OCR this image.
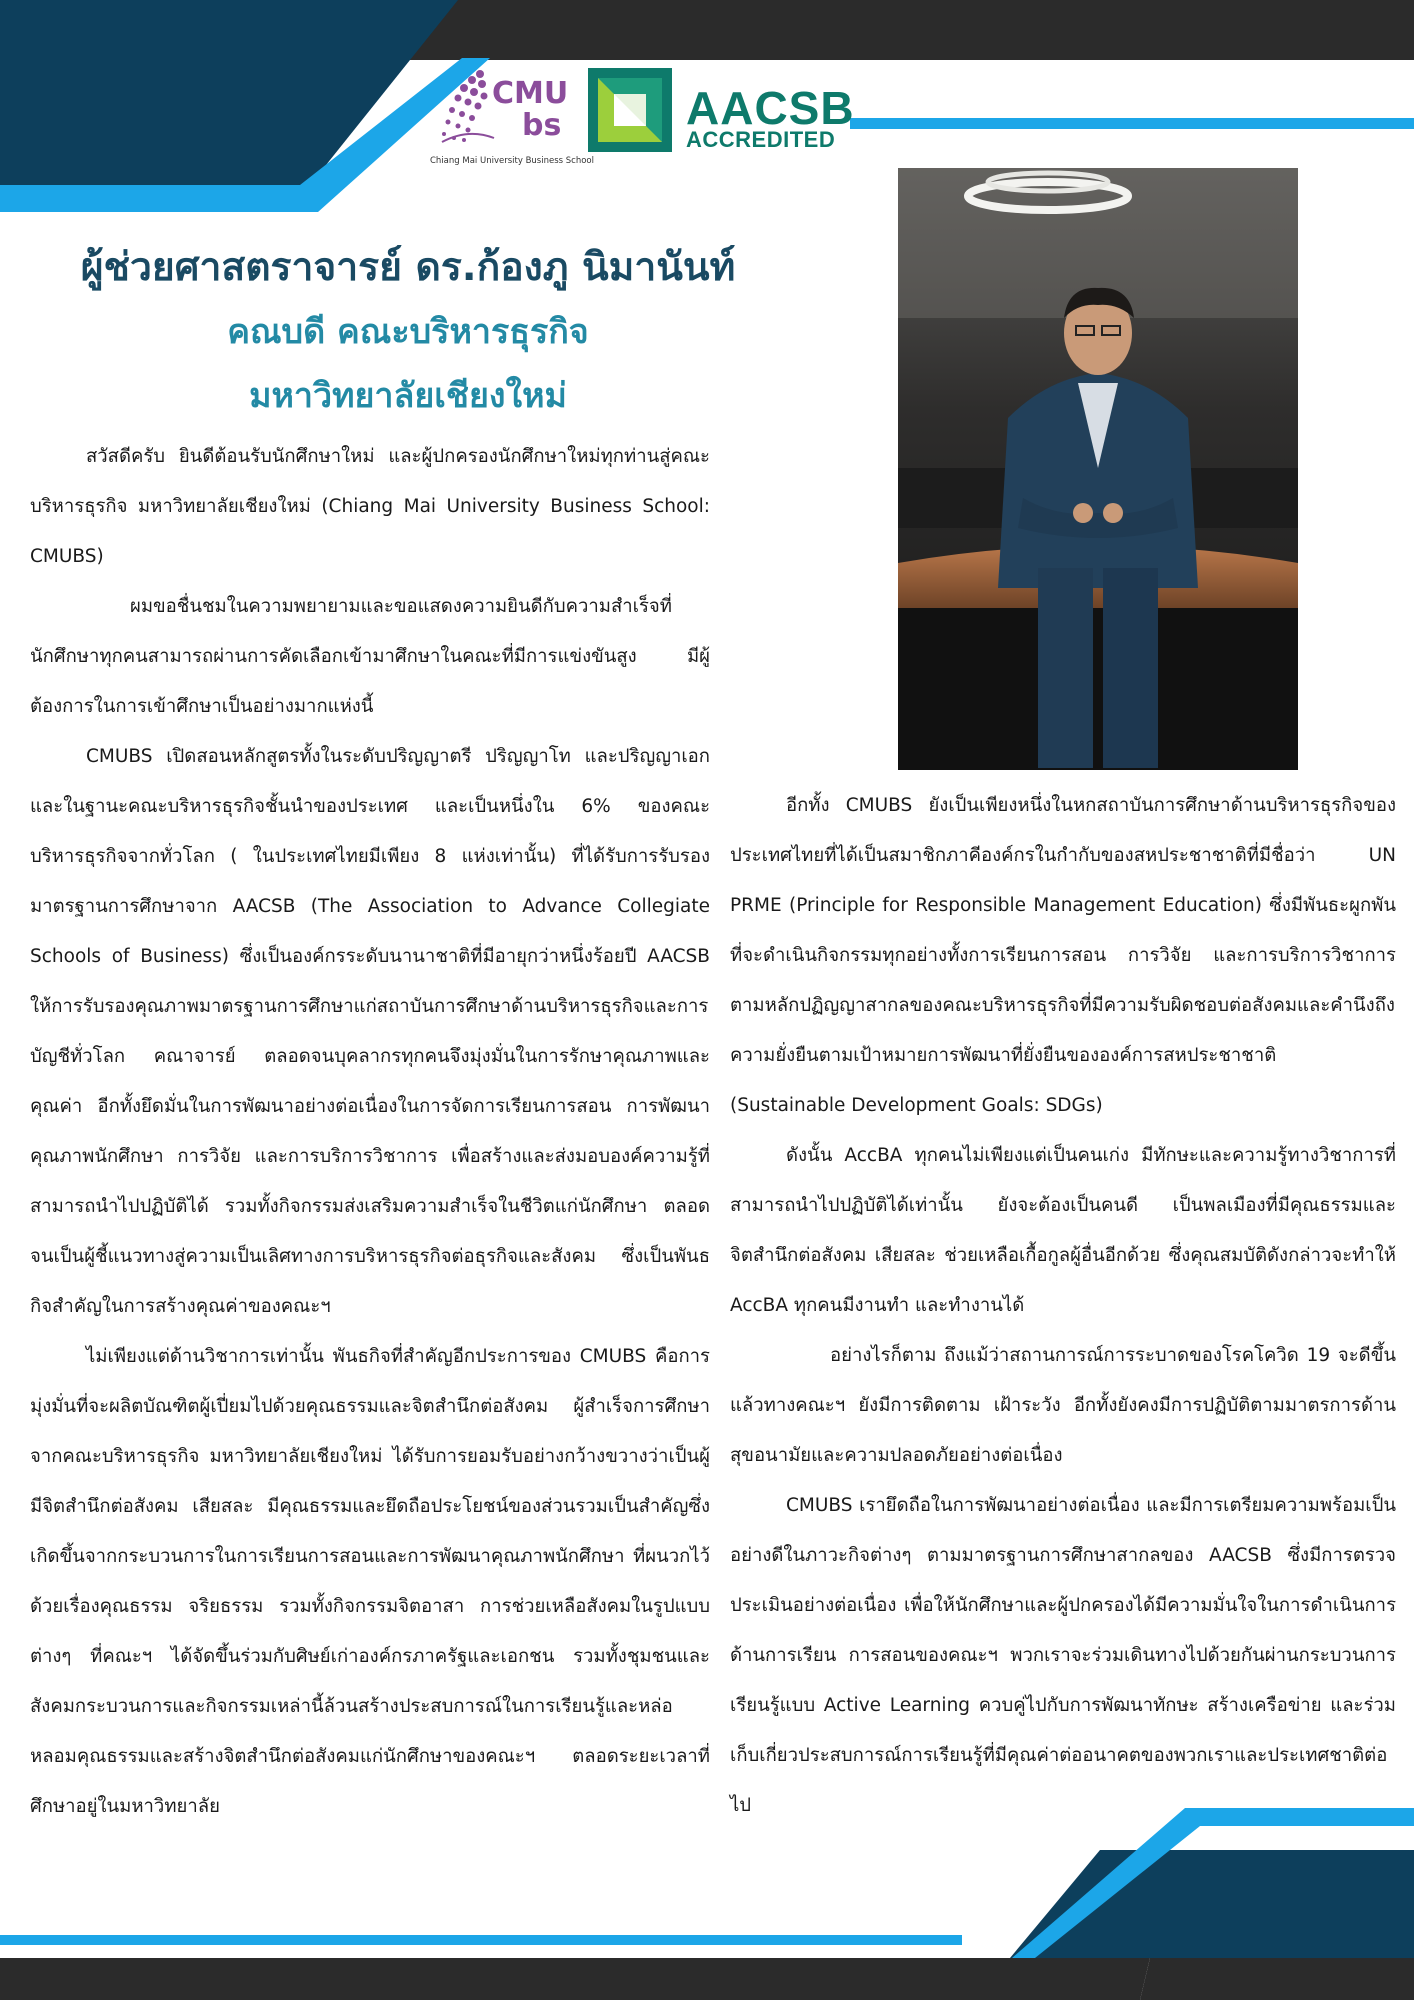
CMU
bs
Chiang Mai University Business School
AACSB
ACCREDITED
ผู้ช่วยศาสตราจารย์ ดร.ก้องภู นิมานันท์
คณบดี คณะบริหารธุรกิจ
มหาวิทยาลัยเชียงใหม่

สวัสดีครับ ยินดีต้อนรับนักศึกษาใหม่ และผู้ปกครองนักศึกษาใหม่ทุกท่านสู่คณะบริหารธุรกิจ มหาวิทยาลัยเชียงใหม่ (Chiang Mai University Business School: CMUBS)

ผมขอชื่นชมในความพยายามและขอแสดงความยินดีกับความสำเร็จที่นักศึกษาทุกคนสามารถผ่านการคัดเลือกเข้ามาศึกษาในคณะที่มีการแข่งขันสูง มีผู้ต้องการในการเข้าศึกษาเป็นอย่างมากแห่งนี้

CMUBS เปิดสอนหลักสูตรทั้งในระดับปริญญาตรี ปริญญาโท และปริญญาเอกและในฐานะคณะบริหารธุรกิจชั้นนำของประเทศ และเป็นหนึ่งใน 6% ของคณะบริหารธุรกิจจากทั่วโลก ( ในประเทศไทยมีเพียง 8 แห่งเท่านั้น) ที่ได้รับการรับรองมาตรฐานการศึกษาจาก AACSB (The Association to Advance Collegiate Schools of Business) ซึ่งเป็นองค์กรระดับนานาชาติที่มีอายุกว่าหนึ่งร้อยปี AACSB ให้การรับรองคุณภาพมาตรฐานการศึกษาแก่สถาบันการศึกษาด้านบริหารธุรกิจและการบัญชีทั่วโลก คณาจารย์ ตลอดจนบุคลากรทุกคนจึงมุ่งมั่นในการรักษาคุณภาพและคุณค่า อีกทั้งยึดมั่นในการพัฒนาอย่างต่อเนื่องในการจัดการเรียนการสอน การพัฒนาคุณภาพนักศึกษา การวิจัย และการบริการวิชาการ เพื่อสร้างและส่งมอบองค์ความรู้ที่สามารถนำไปปฏิบัติได้ รวมทั้งกิจกรรมส่งเสริมความสำเร็จในชีวิตแก่นักศึกษา ตลอดจนเป็นผู้ชี้แนวทางสู่ความเป็นเลิศทางการบริหารธุรกิจต่อธุรกิจและสังคม ซึ่งเป็นพันธกิจสำคัญในการสร้างคุณค่าของคณะฯ

ไม่เพียงแต่ด้านวิชาการเท่านั้น พันธกิจที่สำคัญอีกประการของ CMUBS คือการมุ่งมั่นที่จะผลิตบัณฑิตผู้เปี่ยมไปด้วยคุณธรรมและจิตสำนึกต่อสังคม ผู้สำเร็จการศึกษาจากคณะบริหารธุรกิจ มหาวิทยาลัยเชียงใหม่ ได้รับการยอมรับอย่างกว้างขวางว่าเป็นผู้มีจิตสำนึกต่อสังคม เสียสละ มีคุณธรรมและยึดถือประโยชน์ของส่วนรวมเป็นสำคัญซึ่งเกิดขึ้นจากกระบวนการในการเรียนการสอนและการพัฒนาคุณภาพนักศึกษา ที่ผนวกไว้ด้วยเรื่องคุณธรรม จริยธรรม รวมทั้งกิจกรรมจิตอาสา การช่วยเหลือสังคมในรูปแบบต่างๆ ที่คณะฯ ได้จัดขึ้นร่วมกับศิษย์เก่าองค์กรภาครัฐและเอกชน รวมทั้งชุมชนและสังคมกระบวนการและกิจกรรมเหล่านี้ล้วนสร้างประสบการณ์ในการเรียนรู้และหล่อหลอมคุณธรรมและสร้างจิตสำนึกต่อสังคมแก่นักศึกษาของคณะฯ ตลอดระยะเวลาที่ศึกษาอยู่ในมหาวิทยาลัย

อีกทั้ง CMUBS ยังเป็นเพียงหนึ่งในหกสถาบันการศึกษาด้านบริหารธุรกิจของประเทศไทยที่ได้เป็นสมาชิกภาคีองค์กรในกำกับของสหประชาชาติที่มีชื่อว่า UN PRME (Principle for Responsible Management Education) ซึ่งมีพันธะผูกพันที่จะดำเนินกิจกรรมทุกอย่างทั้งการเรียนการสอน การวิจัย และการบริการวิชาการตามหลักปฏิญญาสากลของคณะบริหารธุรกิจที่มีความรับผิดชอบต่อสังคมและคำนึงถึงความยั่งยืนตามเป้าหมายการพัฒนาที่ยั่งยืนขององค์การสหประชาชาติ (Sustainable Development Goals: SDGs)

ดังนั้น AccBA ทุกคนไม่เพียงแต่เป็นคนเก่ง มีทักษะและความรู้ทางวิชาการที่สามารถนำไปปฏิบัติได้เท่านั้น ยังจะต้องเป็นคนดี เป็นพลเมืองที่มีคุณธรรมและจิตสำนึกต่อสังคม เสียสละ ช่วยเหลือเกื้อกูลผู้อื่นอีกด้วย ซึ่งคุณสมบัติดังกล่าวจะทำให้ AccBA ทุกคนมีงานทำ และทำงานได้

อย่างไรก็ตาม ถึงแม้ว่าสถานการณ์การระบาดของโรคโควิด 19 จะดีขึ้นแล้วทางคณะฯ ยังมีการติดตาม เฝ้าระวัง อีกทั้งยังคงมีการปฏิบัติตามมาตรการด้านสุขอนามัยและความปลอดภัยอย่างต่อเนื่อง

CMUBS เรายึดถือในการพัฒนาอย่างต่อเนื่อง และมีการเตรียมความพร้อมเป็นอย่างดีในภาวะกิจต่างๆ ตามมาตรฐานการศึกษาสากลของ AACSB ซึ่งมีการตรวจประเมินอย่างต่อเนื่อง เพื่อให้นักศึกษาและผู้ปกครองได้มีความมั่นใจในการดำเนินการด้านการเรียน การสอนของคณะฯ พวกเราจะร่วมเดินทางไปด้วยกันผ่านกระบวนการเรียนรู้แบบ Active Learning ควบคู่ไปกับการพัฒนาทักษะ สร้างเครือข่าย และร่วมเก็บเกี่ยวประสบการณ์การเรียนรู้ที่มีคุณค่าต่ออนาคตของพวกเราและประเทศชาติต่อไป
